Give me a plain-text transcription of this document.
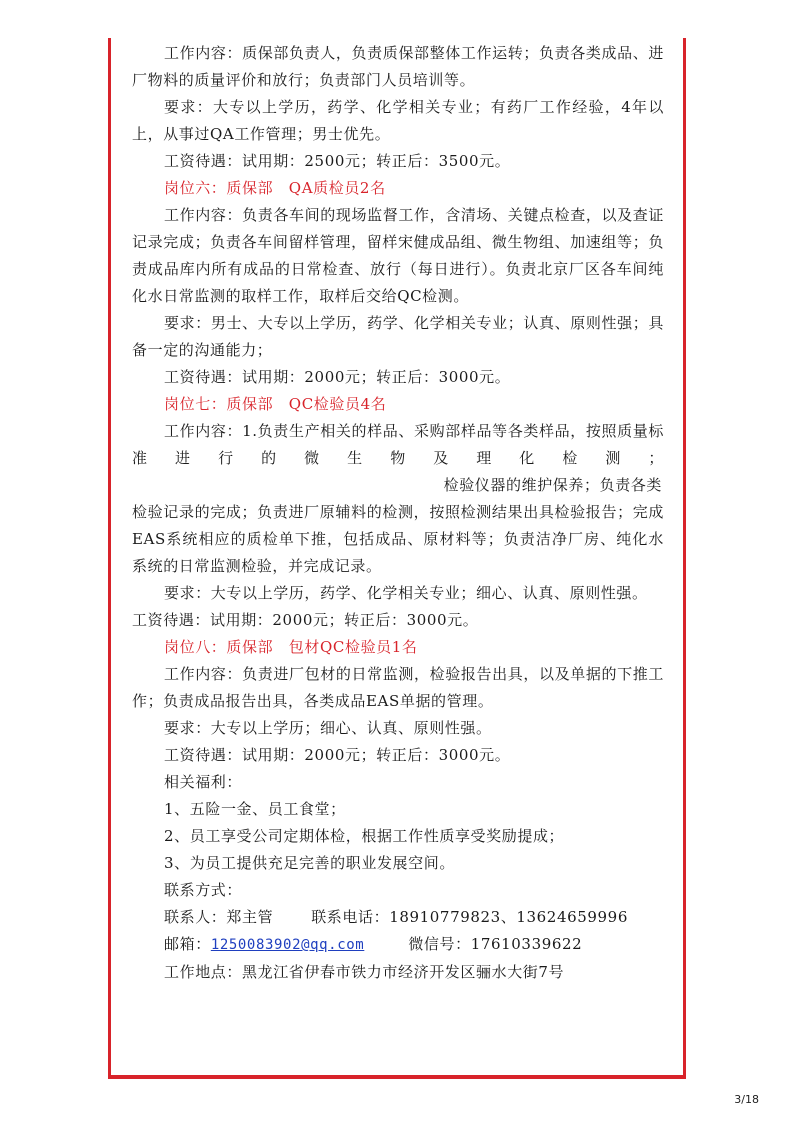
工作内容：质保部负责人，负责质保部整体工作运转；负责各类成品、进厂物料的质量评价和放行；负责部门人员培训等。

要求：大专以上学历，药学、化学相关专业；有药厂工作经验，4年以上，从事过QA工作管理；男士优先。

工资待遇：试用期：2500元；转正后：3500元。

岗位六：质保部　QA质检员2名

工作内容：负责各车间的现场监督工作，含清场、关键点检查，以及查证记录完成；负责各车间留样管理，留样宋健成品组、微生物组、加速组等；负责成品库内所有成品的日常检查、放行（每日进行）。负责北京厂区各车间纯化水日常监测的取样工作，取样后交给QC检测。

要求：男士、大专以上学历，药学、化学相关专业；认真、原则性强；具备一定的沟通能力；

工资待遇：试用期：2000元；转正后：3000元。

岗位七：质保部　QC检验员4名

工作内容：1.负责生产相关的样品、采购部样品等各类样品，按照质量标准进行的微生物及理化检测；

检验仪器的维护保养；负责各类

检验记录的完成；负责进厂原辅料的检测，按照检测结果出具检验报告；完成EAS系统相应的质检单下推，包括成品、原材料等；负责洁净厂房、纯化水系统的日常监测检验，并完成记录。

要求：大专以上学历，药学、化学相关专业；细心、认真、原则性强。

工资待遇：试用期：2000元；转正后：3000元。

岗位八：质保部　包材QC检验员1名

工作内容：负责进厂包材的日常监测，检验报告出具，以及单据的下推工作；负责成品报告出具，各类成品EAS单据的管理。

要求：大专以上学历；细心、认真、原则性强。

工资待遇：试用期：2000元；转正后：3000元。

相关福利：

1、五险一金、员工食堂；

2、员工享受公司定期体检，根据工作性质享受奖励提成；

3、为员工提供充足完善的职业发展空间。

联系方式：

联系人：郑主管	联系电话：18910779823、13624659996

邮箱：1250083902@qq.com	微信号：17610339622

工作地点：黑龙江省伊春市铁力市经济开发区骊水大街7号

3/18
